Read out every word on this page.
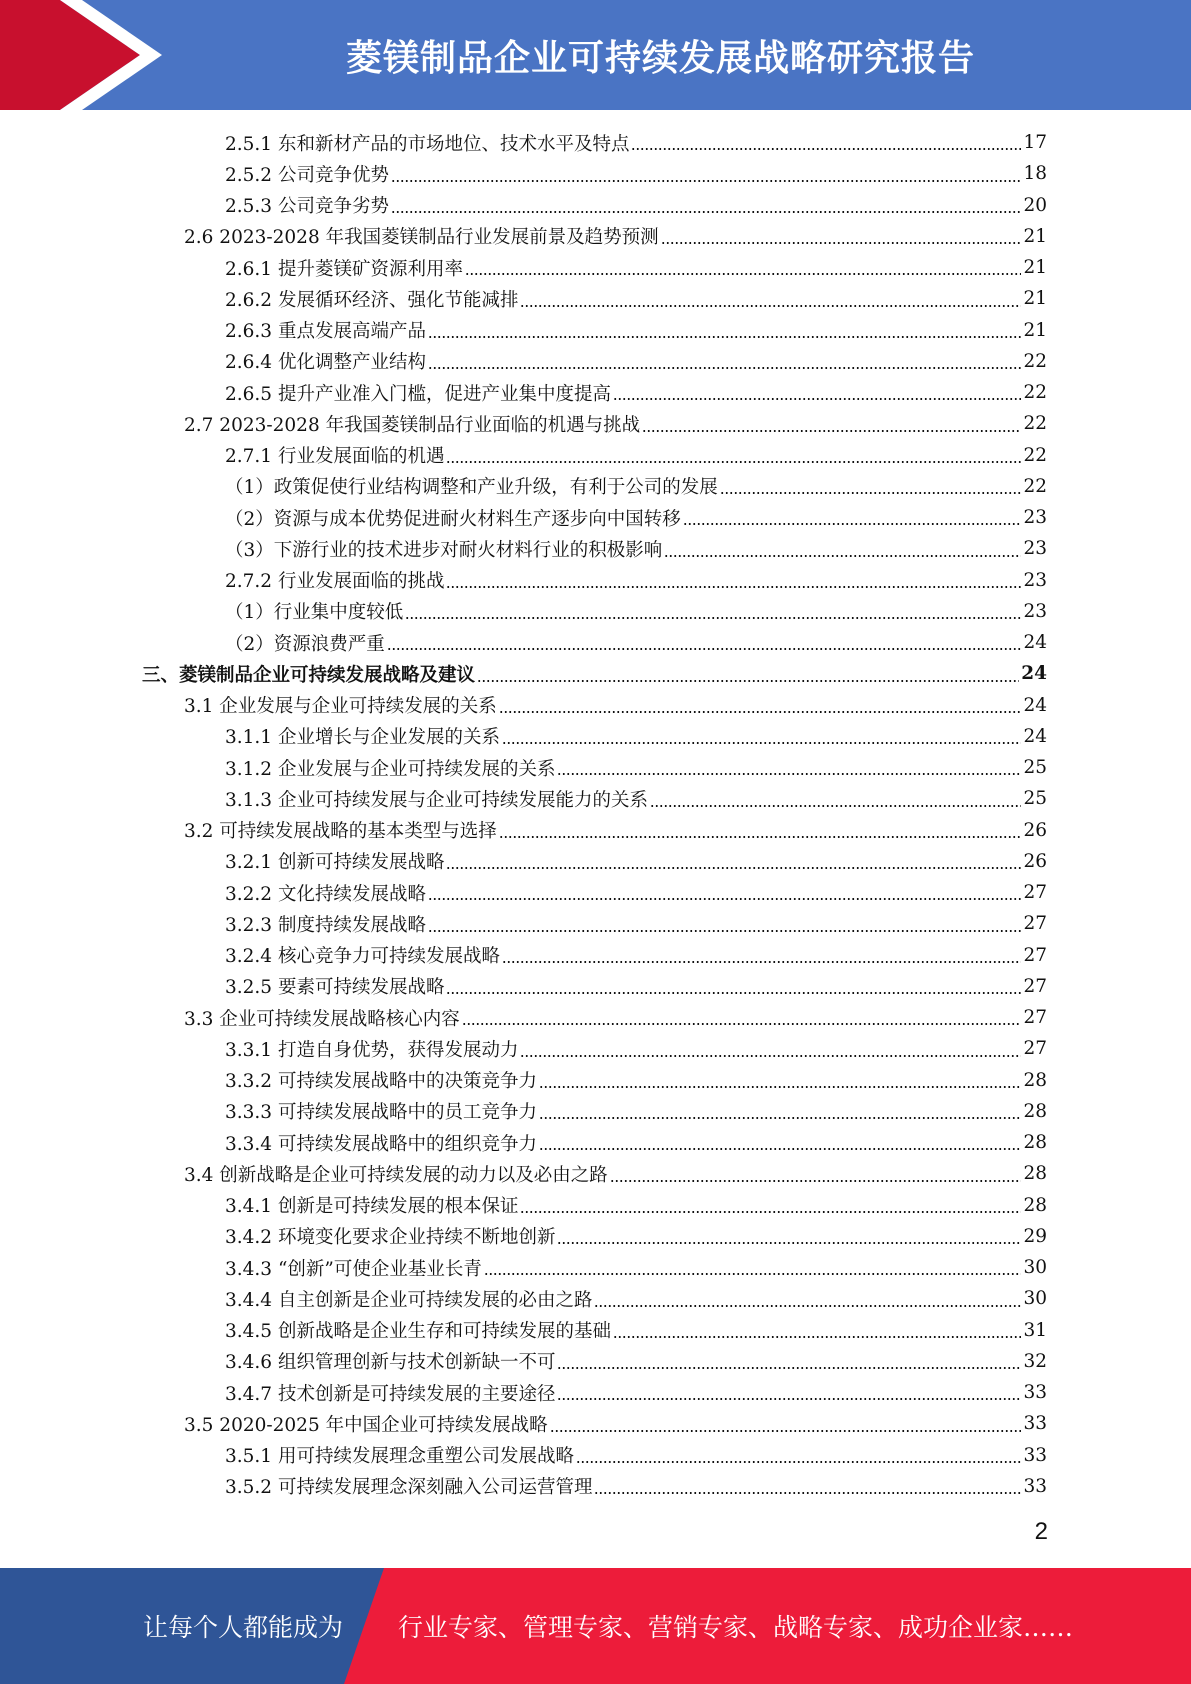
菱镁制品企业可持续发展战略研究报告
2.5.1 东和新材产品的市场地位、技术水平及特点	17
2.5.2 公司竞争优势	18
2.5.3 公司竞争劣势	20
2.6 2023-2028 年我国菱镁制品行业发展前景及趋势预测	21
2.6.1 提升菱镁矿资源利用率	21
2.6.2 发展循环经济、强化节能减排	21
2.6.3 重点发展高端产品	21
2.6.4 优化调整产业结构	22
2.6.5 提升产业准入门槛，促进产业集中度提高	22
2.7 2023-2028 年我国菱镁制品行业面临的机遇与挑战	22
2.7.1 行业发展面临的机遇	22
（1）政策促使行业结构调整和产业升级，有利于公司的发展	22
（2）资源与成本优势促进耐火材料生产逐步向中国转移	23
（3）下游行业的技术进步对耐火材料行业的积极影响	23
2.7.2 行业发展面临的挑战	23
（1）行业集中度较低	23
（2）资源浪费严重	24
三、菱镁制品企业可持续发展战略及建议	24
3.1 企业发展与企业可持续发展的关系	24
3.1.1 企业增长与企业发展的关系	24
3.1.2 企业发展与企业可持续发展的关系	25
3.1.3 企业可持续发展与企业可持续发展能力的关系	25
3.2 可持续发展战略的基本类型与选择	26
3.2.1 创新可持续发展战略	26
3.2.2 文化持续发展战略	27
3.2.3 制度持续发展战略	27
3.2.4 核心竞争力可持续发展战略	27
3.2.5 要素可持续发展战略	27
3.3 企业可持续发展战略核心内容	27
3.3.1 打造自身优势，获得发展动力	27
3.3.2 可持续发展战略中的决策竞争力	28
3.3.3 可持续发展战略中的员工竞争力	28
3.3.4 可持续发展战略中的组织竞争力	28
3.4 创新战略是企业可持续发展的动力以及必由之路	28
3.4.1 创新是可持续发展的根本保证	28
3.4.2 环境变化要求企业持续不断地创新	29
3.4.3 “创新”可使企业基业长青	30
3.4.4 自主创新是企业可持续发展的必由之路	30
3.4.5 创新战略是企业生存和可持续发展的基础	31
3.4.6 组织管理创新与技术创新缺一不可	32
3.4.7 技术创新是可持续发展的主要途径	33
3.5 2020-2025 年中国企业可持续发展战略	33
3.5.1 用可持续发展理念重塑公司发展战略	33
3.5.2 可持续发展理念深刻融入公司运营管理	33
2
让每个人都能成为 行业专家、管理专家、营销专家、战略专家、成功企业家……
